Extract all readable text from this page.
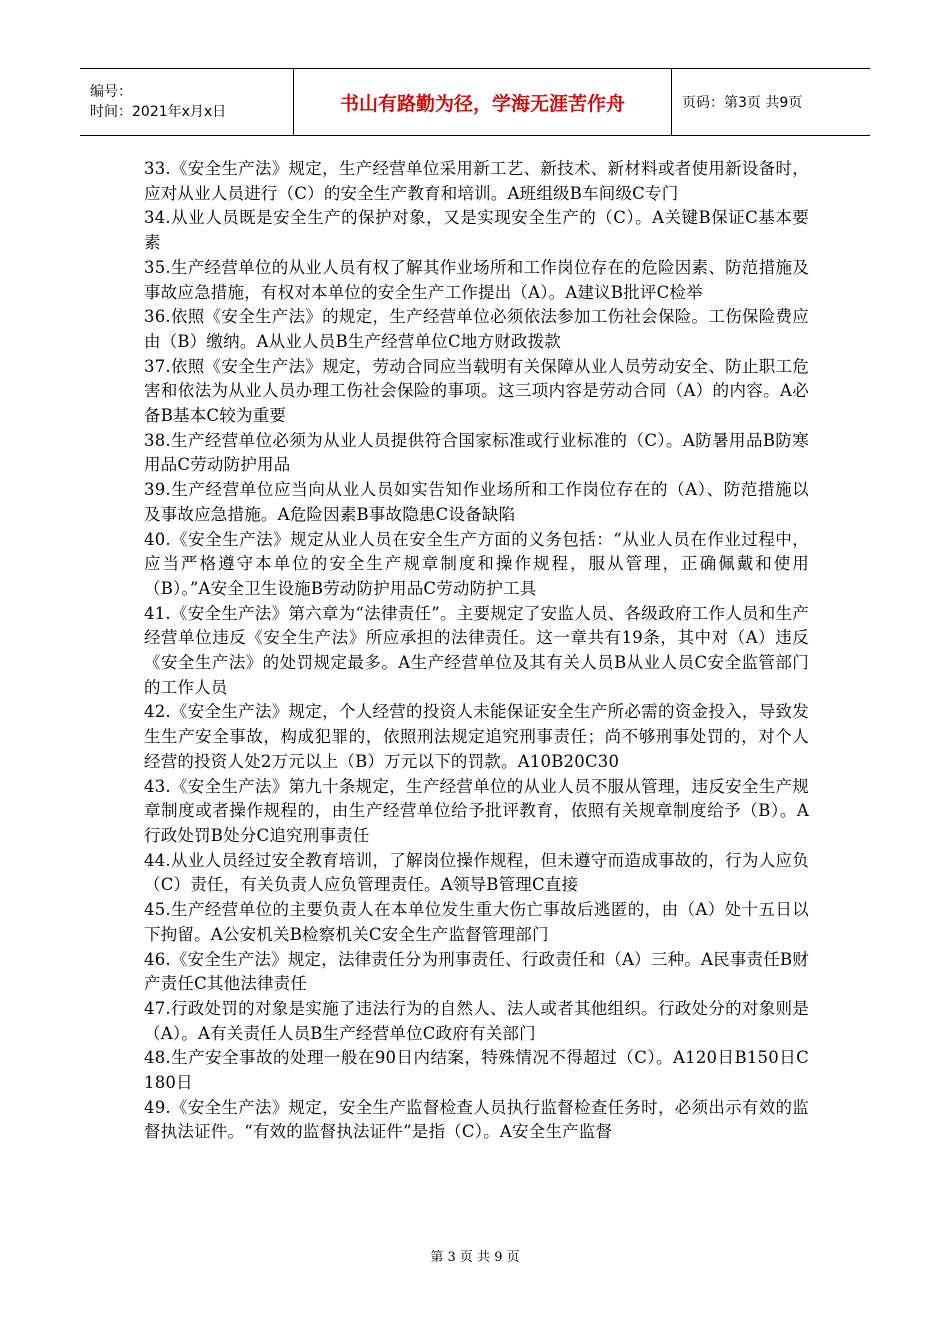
编号：
时间：2021年x月x日	书山有路勤为径，学海无涯苦作舟	页码：第3页 共9页

33.《安全生产法》规定，生产经营单位采用新工艺、新技术、新材料或者使用新设备时，应对从业人员进行（C）的安全生产教育和培训。A班组级B车间级C专门

34.从业人员既是安全生产的保护对象，又是实现安全生产的（C）。A关键B保证C基本要素

35.生产经营单位的从业人员有权了解其作业场所和工作岗位存在的危险因素、防范措施及事故应急措施，有权对本单位的安全生产工作提出（A）。A建议B批评C检举

36.依照《安全生产法》的规定，生产经营单位必须依法参加工伤社会保险。工伤保险费应由（B）缴纳。A从业人员B生产经营单位C地方财政拨款

37.依照《安全生产法》规定，劳动合同应当载明有关保障从业人员劳动安全、防止职工危害和依法为从业人员办理工伤社会保险的事项。这三项内容是劳动合同（A）的内容。A必备B基本C较为重要

38.生产经营单位必须为从业人员提供符合国家标准或行业标准的（C）。A防暑用品B防寒用品C劳动防护用品

39.生产经营单位应当向从业人员如实告知作业场所和工作岗位存在的（A）、防范措施以及事故应急措施。A危险因素B事故隐患C设备缺陷

40.《安全生产法》规定从业人员在安全生产方面的义务包括：“从业人员在作业过程中，应当严格遵守本单位的安全生产规章制度和操作规程，服从管理，正确佩戴和使用（B）。”A安全卫生设施B劳动防护用品C劳动防护工具

41.《安全生产法》第六章为“法律责任”。主要规定了安监人员、各级政府工作人员和生产经营单位违反《安全生产法》所应承担的法律责任。这一章共有19条，其中对（A）违反《安全生产法》的处罚规定最多。A生产经营单位及其有关人员B从业人员C安全监管部门的工作人员

42.《安全生产法》规定，个人经营的投资人未能保证安全生产所必需的资金投入，导致发生生产安全事故，构成犯罪的，依照刑法规定追究刑事责任；尚不够刑事处罚的，对个人经营的投资人处2万元以上（B）万元以下的罚款。A10B20C30

43.《安全生产法》第九十条规定，生产经营单位的从业人员不服从管理，违反安全生产规章制度或者操作规程的，由生产经营单位给予批评教育，依照有关规章制度给予（B）。A行政处罚B处分C追究刑事责任

44.从业人员经过安全教育培训，了解岗位操作规程，但未遵守而造成事故的，行为人应负（C）责任，有关负责人应负管理责任。A领导B管理C直接

45.生产经营单位的主要负责人在本单位发生重大伤亡事故后逃匿的，由（A）处十五日以下拘留。A公安机关B检察机关C安全生产监督管理部门

46.《安全生产法》规定，法律责任分为刑事责任、行政责任和（A）三种。A民事责任B财产责任C其他法律责任

47.行政处罚的对象是实施了违法行为的自然人、法人或者其他组织。行政处分的对象则是（A）。A有关责任人员B生产经营单位C政府有关部门

48.生产安全事故的处理一般在90日内结案，特殊情况不得超过（C）。A120日B150日C180日

49.《安全生产法》规定，安全生产监督检查人员执行监督检查任务时，必须出示有效的监督执法证件。“有效的监督执法证件”是指（C）。A安全生产监督

第 3 页 共 9 页
